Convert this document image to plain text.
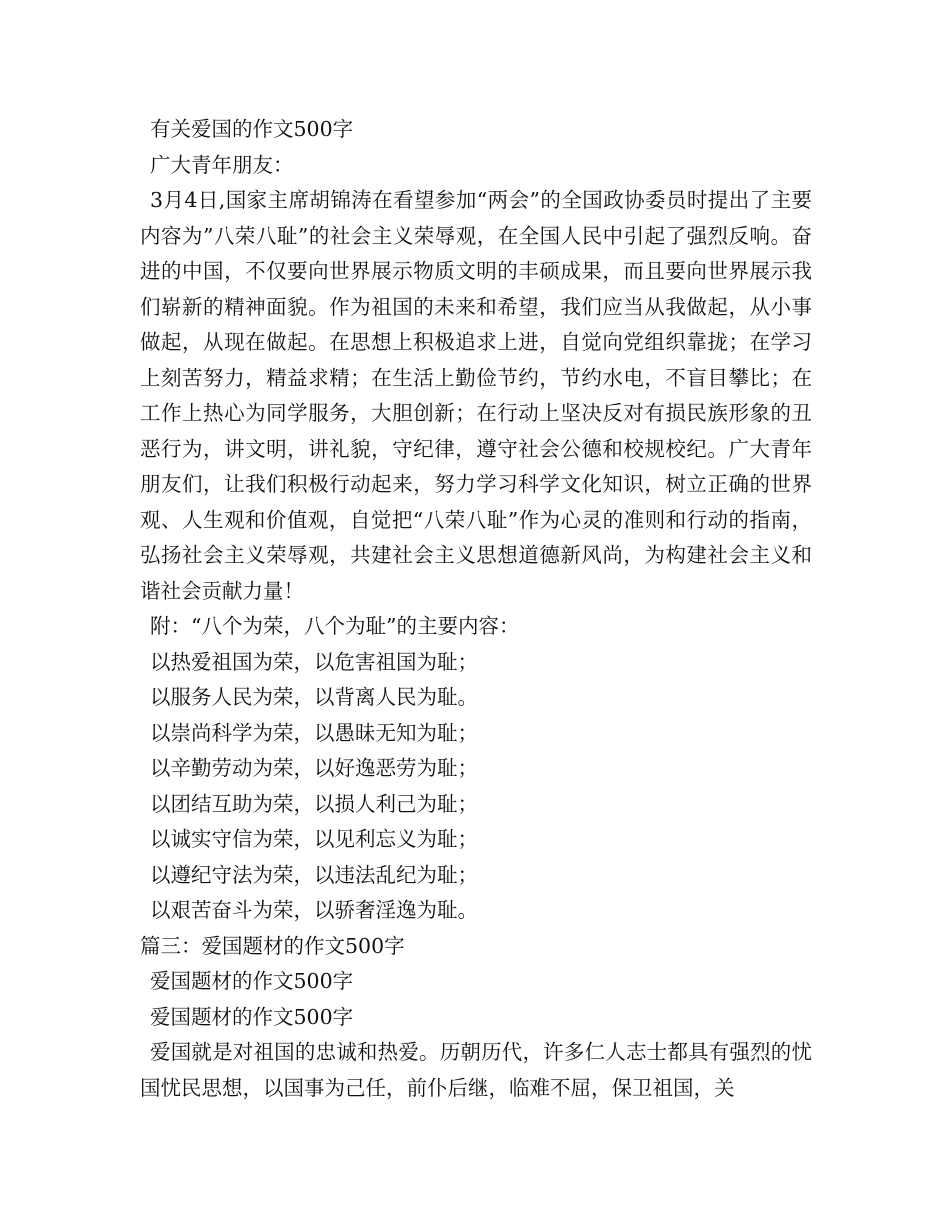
有关爱国的作文500字
广大青年朋友：
3月4日,国家主席胡锦涛在看望参加“两会”的全国政协委员时提出了主要内容为”八荣八耻”的社会主义荣辱观，在全国人民中引起了强烈反响。奋进的中国，不仅要向世界展示物质文明的丰硕成果，而且要向世界展示我们崭新的精神面貌。作为祖国的未来和希望，我们应当从我做起，从小事做起，从现在做起。在思想上积极追求上进，自觉向党组织靠拢；在学习上刻苦努力，精益求精；在生活上勤俭节约，节约水电，不盲目攀比；在工作上热心为同学服务，大胆创新；在行动上坚决反对有损民族形象的丑恶行为，讲文明，讲礼貌，守纪律，遵守社会公德和校规校纪。广大青年朋友们，让我们积极行动起来，努力学习科学文化知识，树立正确的世界观、人生观和价值观，自觉把“八荣八耻”作为心灵的准则和行动的指南，弘扬社会主义荣辱观，共建社会主义思想道德新风尚，为构建社会主义和谐社会贡献力量！
附：“八个为荣，八个为耻”的主要内容：
以热爱祖国为荣，以危害祖国为耻；
以服务人民为荣，以背离人民为耻。
以崇尚科学为荣，以愚昧无知为耻；
以辛勤劳动为荣，以好逸恶劳为耻；
以团结互助为荣，以损人利己为耻；
以诚实守信为荣，以见利忘义为耻；
以遵纪守法为荣，以违法乱纪为耻；
以艰苦奋斗为荣，以骄奢淫逸为耻。
篇三：爱国题材的作文500字
爱国题材的作文500字
爱国题材的作文500字
爱国就是对祖国的忠诚和热爱。历朝历代，许多仁人志士都具有强烈的忧国忧民思想，以国事为己任，前仆后继，临难不屈，保卫祖国，关
